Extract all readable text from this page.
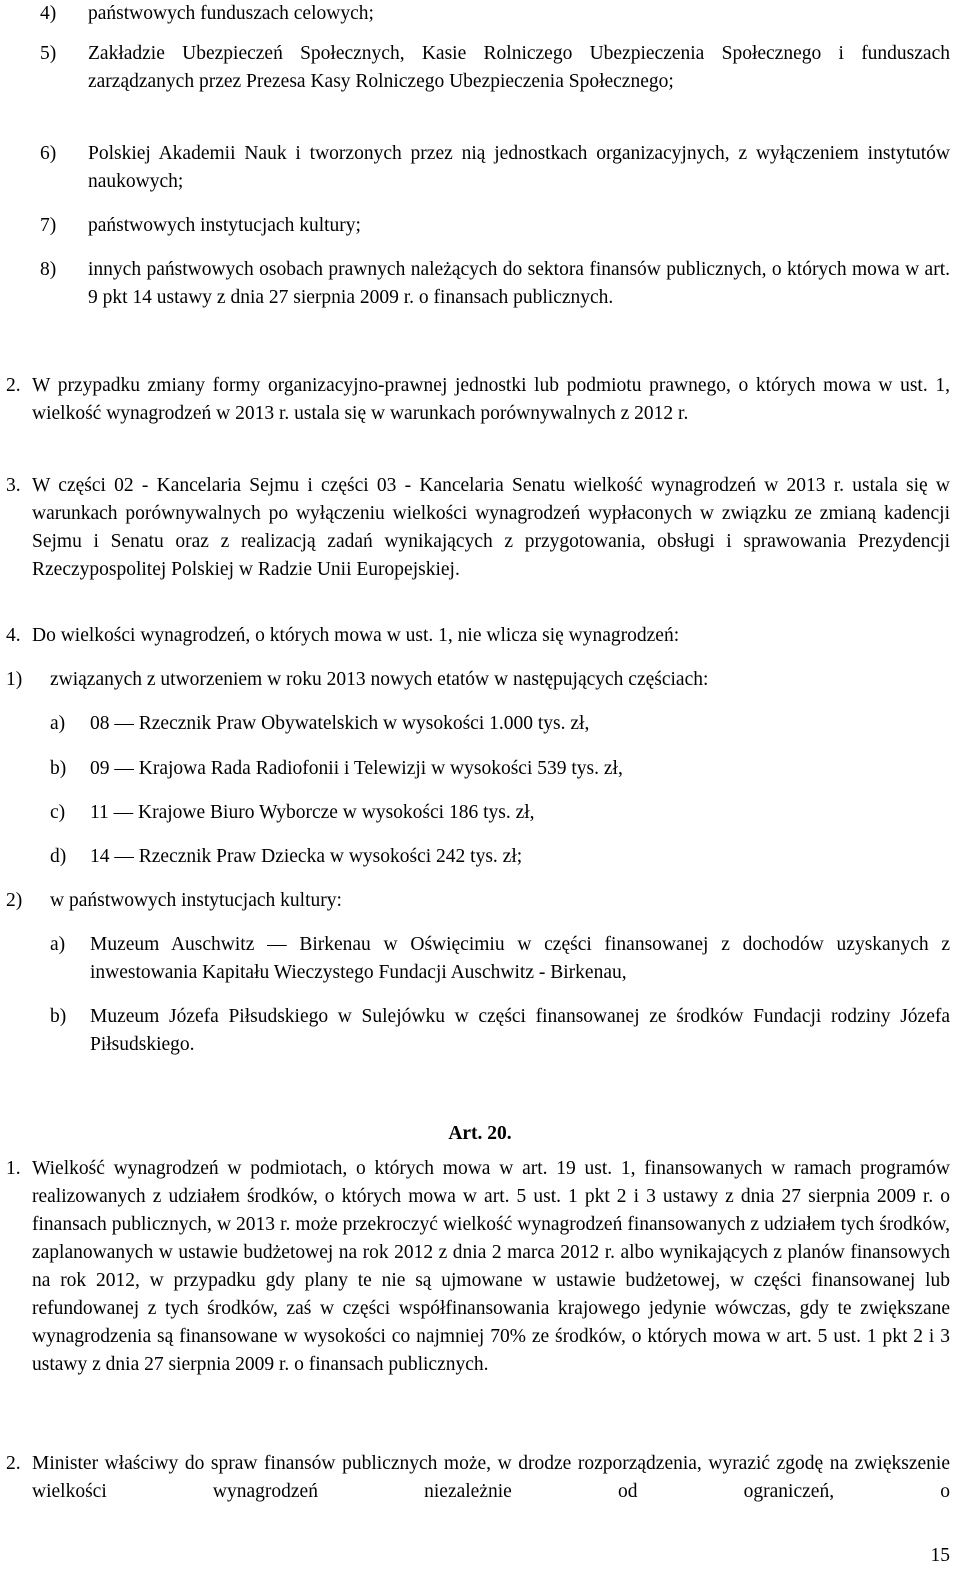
4)	państwowych funduszach celowych;
5)	Zakładzie Ubezpieczeń Społecznych, Kasie Rolniczego Ubezpieczenia Społecznego i funduszach zarządzanych przez Prezesa Kasy Rolniczego Ubezpieczenia Społecznego;
6)	Polskiej Akademii Nauk i tworzonych przez nią jednostkach organizacyjnych, z wyłączeniem instytutów naukowych;
7)	państwowych instytucjach kultury;
8)	innych państwowych osobach prawnych należących do sektora finansów publicznych, o których mowa w art. 9 pkt 14 ustawy z dnia 27 sierpnia 2009 r. o finansach publicznych.
2. W przypadku zmiany formy organizacyjno-prawnej jednostki lub podmiotu prawnego, o których mowa w ust. 1, wielkość wynagrodzeń w 2013 r. ustala się w warunkach porównywalnych z 2012 r.
3. W części 02 - Kancelaria Sejmu i części 03 - Kancelaria Senatu wielkość wynagrodzeń w 2013 r. ustala się w warunkach porównywalnych po wyłączeniu wielkości wynagrodzeń wypłaconych w związku ze zmianą kadencji Sejmu i Senatu oraz z realizacją zadań wynikających z przygotowania, obsługi i sprawowania Prezydencji Rzeczypospolitej Polskiej w Radzie Unii Europejskiej.
4. Do wielkości wynagrodzeń, o których mowa w ust. 1, nie wlicza się wynagrodzeń:
1)	związanych z utworzeniem w roku 2013 nowych etatów w następujących częściach:
a)	08 — Rzecznik Praw Obywatelskich w wysokości 1.000 tys. zł,
b)	09 — Krajowa Rada Radiofonii i Telewizji w wysokości 539 tys. zł,
c)	11 — Krajowe Biuro Wyborcze w wysokości 186 tys. zł,
d)	14 — Rzecznik Praw Dziecka w wysokości 242 tys. zł;
2)	w państwowych instytucjach kultury:
a)	Muzeum Auschwitz — Birkenau w Oświęcimiu w części finansowanej z dochodów uzyskanych z inwestowania Kapitału Wieczystego Fundacji Auschwitz - Birkenau,
b)	Muzeum Józefa Piłsudskiego w Sulejówku w części finansowanej ze środków Fundacji rodziny Józefa Piłsudskiego.
Art. 20.
1. Wielkość wynagrodzeń w podmiotach, o których mowa w art. 19 ust. 1, finansowanych w ramach programów realizowanych z udziałem środków, o których mowa w art. 5 ust. 1 pkt 2 i 3 ustawy z dnia 27 sierpnia 2009 r. o finansach publicznych, w 2013 r. może przekroczyć wielkość wynagrodzeń finansowanych z udziałem tych środków, zaplanowanych w ustawie budżetowej na rok 2012 z dnia 2 marca 2012 r. albo wynikających z planów finansowych na rok 2012, w przypadku gdy plany te nie są ujmowane w ustawie budżetowej, w części finansowanej lub refundowanej z tych środków, zaś w części współfinansowania krajowego jedynie wówczas, gdy te zwiększane wynagrodzenia są finansowane w wysokości co najmniej 70% ze środków, o których mowa w art. 5 ust. 1 pkt 2 i 3 ustawy z dnia 27 sierpnia 2009 r. o finansach publicznych.
2. Minister właściwy do spraw finansów publicznych może, w drodze rozporządzenia, wyrazić zgodę na zwiększenie wielkości wynagrodzeń niezależnie od ograniczeń, o
15
